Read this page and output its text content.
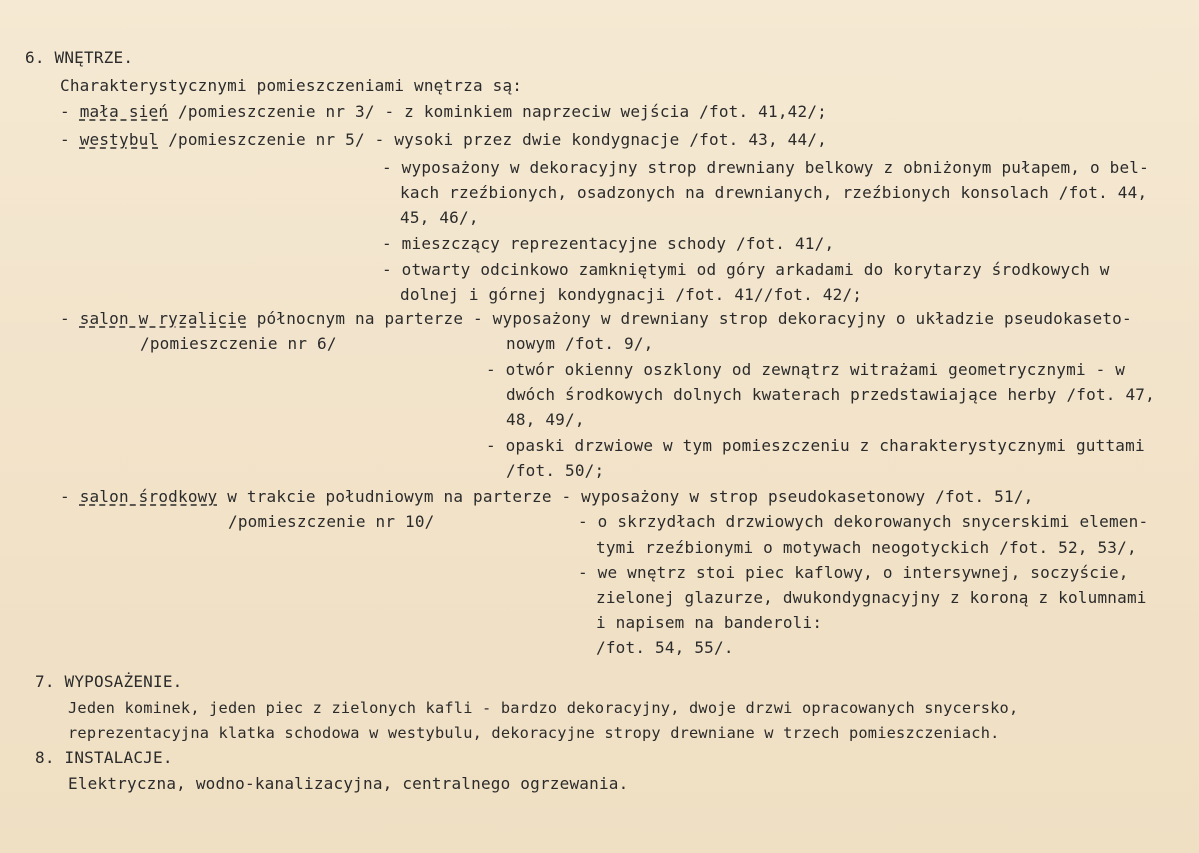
6. WNĘTRZE.
Charakterystycznymi pomieszczeniami wnętrza są:
- mała sień /pomieszczenie nr 3/ - z kominkiem naprzeciw wejścia /fot. 41,42/;
- westybul /pomieszczenie nr 5/ - wysoki przez dwie kondygnacje /fot. 43, 44/,
- wyposażony w dekoracyjny strop drewniany belkowy z obniżonym pułapem, o bel-
kach rzeźbionych, osadzonych na drewnianych, rzeźbionych konsolach /fot. 44,
45, 46/,
- mieszczący reprezentacyjne schody /fot. 41/,
- otwarty odcinkowo zamkniętymi od góry arkadami do korytarzy środkowych w
dolnej i górnej kondygnacji /fot. 41//fot. 42/;
- salon w ryzalicie północnym na parterze - wyposażony w drewniany strop dekoracyjny o układzie pseudokaseto-
/pomieszczenie nr 6/	nowym /fot. 9/,
- otwór okienny oszklony od zewnątrz witrażami geometrycznymi - w
dwóch środkowych dolnych kwaterach przedstawiające herby /fot. 47,
48, 49/,
- opaski drzwiowe w tym pomieszczeniu z charakterystycznymi guttami
/fot. 50/;
- salon środkowy w trakcie południowym na parterze - wyposażony w strop pseudokasetonowy /fot. 51/,
/pomieszczenie nr 10/	- o skrzydłach drzwiowych dekorowanych snycerskimi elemen-
tymi rzeźbionymi o motywach neogotyckich /fot. 52, 53/,
- we wnętrz stoi piec kaflowy, o intersywnej, soczyście,
zielonej glazurze, dwukondygnacyjny z koroną z kolumnami
i napisem na banderoli:
/fot. 54, 55/.
7. WYPOSAŻENIE.
Jeden kominek, jeden piec z zielonych kafli - bardzo dekoracyjny, dwoje drzwi opracowanych snycersko,
reprezentacyjna klatka schodowa w westybulu, dekoracyjne stropy drewniane w trzech pomieszczeniach.
8. INSTALACJE.
Elektryczna, wodno-kanalizacyjna, centralnego ogrzewania.
